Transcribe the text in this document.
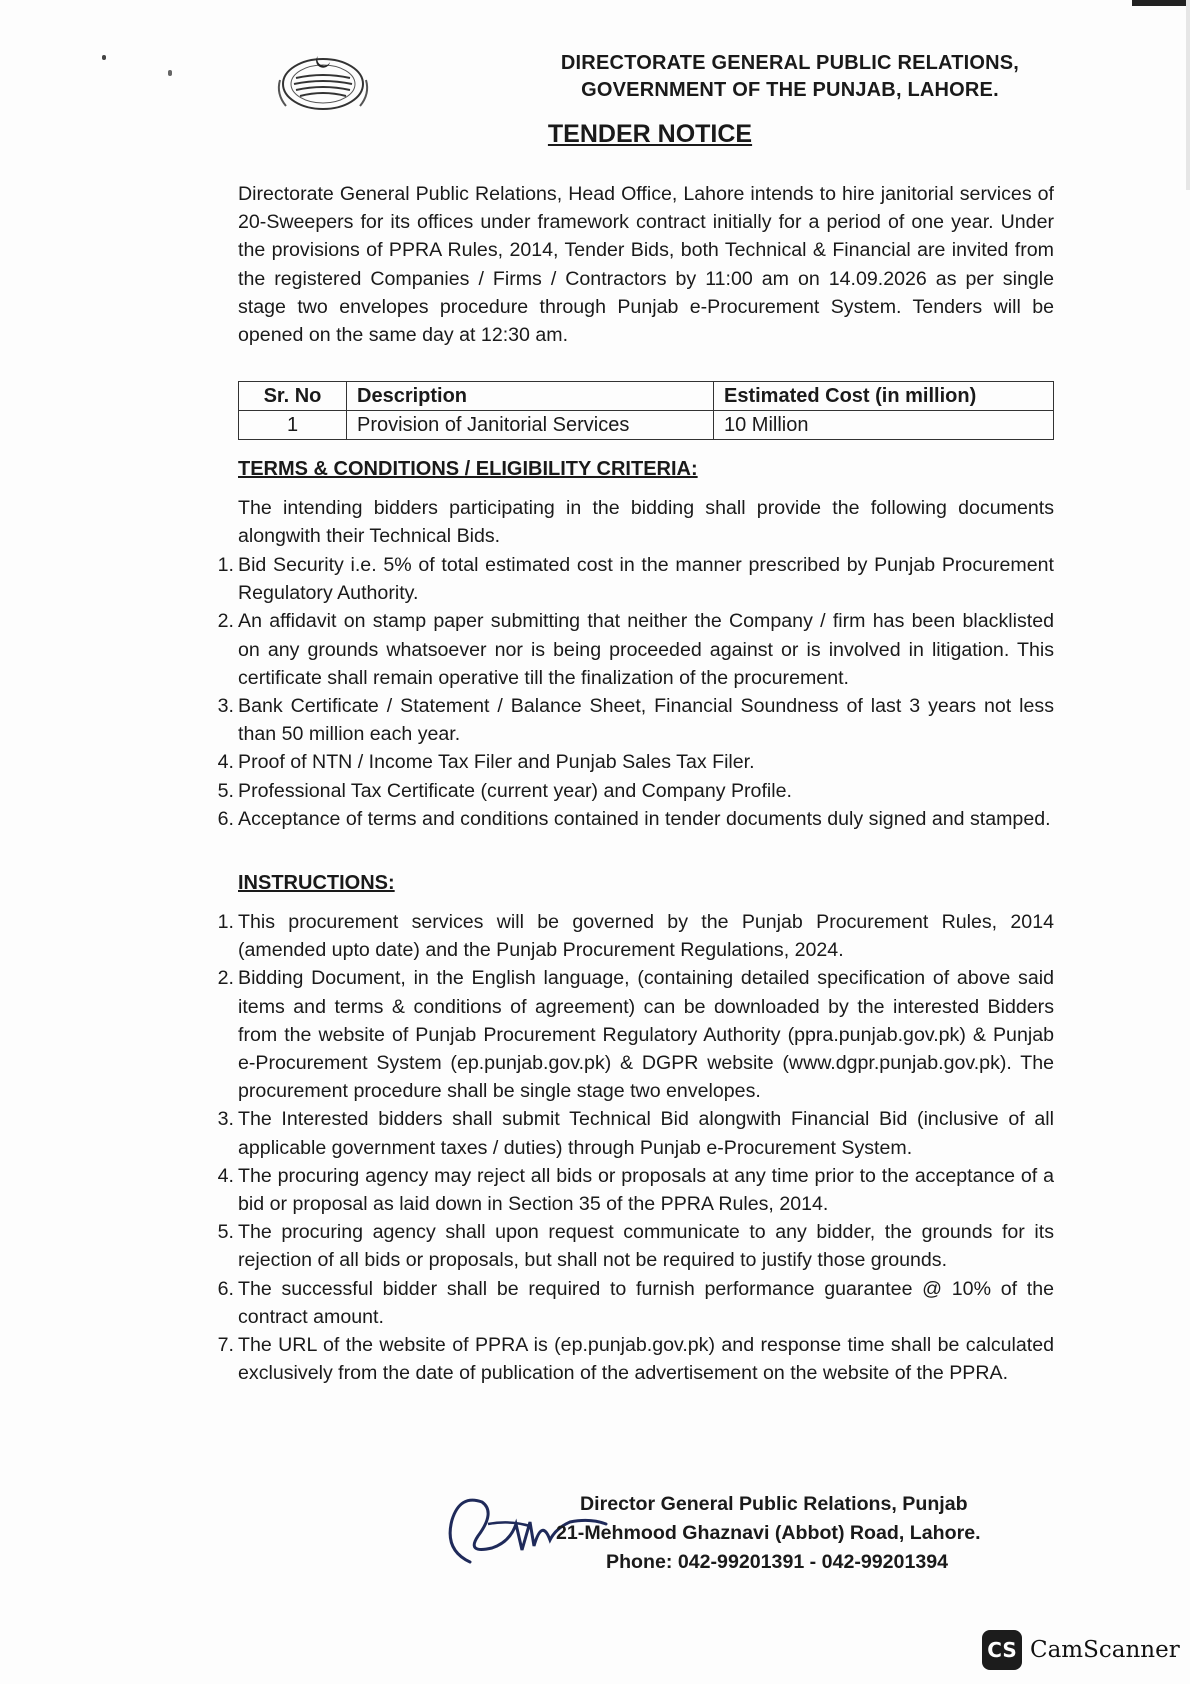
DIRECTORATE GENERAL PUBLIC RELATIONS,
GOVERNMENT OF THE PUNJAB, LAHORE.
TENDER NOTICE
Directorate General Public Relations, Head Office, Lahore intends to hire janitorial services of 20-Sweepers for its offices under framework contract initially for a period of one year. Under the provisions of PPRA Rules, 2014, Tender Bids, both Technical & Financial are invited from the registered Companies / Firms / Contractors by 11:00 am on 14.09.2026 as per single stage two envelopes procedure through Punjab e-Procurement System. Tenders will be opened on the same day at 12:30 am.
Sr. No	Description	Estimated Cost (in million)
1	Provision of Janitorial Services	10 Million
TERMS & CONDITIONS / ELIGIBILITY CRITERIA:
The intending bidders participating in the bidding shall provide the following documents alongwith their Technical Bids.
1. Bid Security i.e. 5% of total estimated cost in the manner prescribed by Punjab Procurement Regulatory Authority.
2. An affidavit on stamp paper submitting that neither the Company / firm has been blacklisted on any grounds whatsoever nor is being proceeded against or is involved in litigation. This certificate shall remain operative till the finalization of the procurement.
3. Bank Certificate / Statement / Balance Sheet, Financial Soundness of last 3 years not less than 50 million each year.
4. Proof of NTN / Income Tax Filer and Punjab Sales Tax Filer.
5. Professional Tax Certificate (current year) and Company Profile.
6. Acceptance of terms and conditions contained in tender documents duly signed and stamped.
INSTRUCTIONS:
1. This procurement services will be governed by the Punjab Procurement Rules, 2014 (amended upto date) and the Punjab Procurement Regulations, 2024.
2. Bidding Document, in the English language, (containing detailed specification of above said items and terms & conditions of agreement) can be downloaded by the interested Bidders from the website of Punjab Procurement Regulatory Authority (ppra.punjab.gov.pk) & Punjab e-Procurement System (ep.punjab.gov.pk) & DGPR website (www.dgpr.punjab.gov.pk). The procurement procedure shall be single stage two envelopes.
3. The Interested bidders shall submit Technical Bid alongwith Financial Bid (inclusive of all applicable government taxes / duties) through Punjab e-Procurement System.
4. The procuring agency may reject all bids or proposals at any time prior to the acceptance of a bid or proposal as laid down in Section 35 of the PPRA Rules, 2014.
5. The procuring agency shall upon request communicate to any bidder, the grounds for its rejection of all bids or proposals, but shall not be required to justify those grounds.
6. The successful bidder shall be required to furnish performance guarantee @ 10% of the contract amount.
7. The URL of the website of PPRA is (ep.punjab.gov.pk) and response time shall be calculated exclusively from the date of publication of the advertisement on the website of the PPRA.
Director General Public Relations, Punjab
21-Mehmood Ghaznavi (Abbot) Road, Lahore.
Phone: 042-99201391 - 042-99201394
CS CamScanner
